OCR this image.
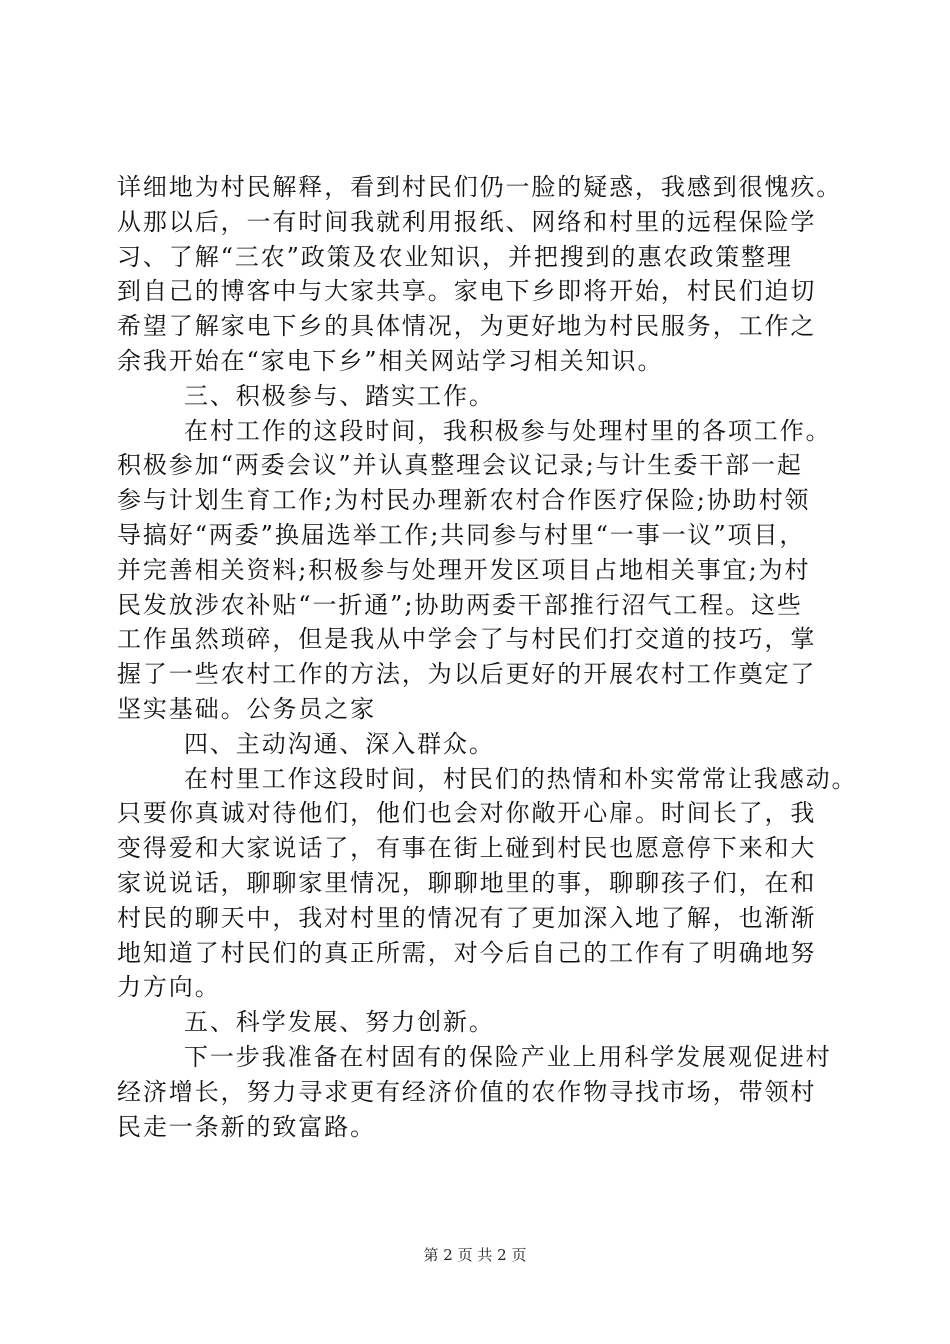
详细地为村民解释，看到村民们仍一脸的疑惑，我感到很愧疚。
从那以后，一有时间我就利用报纸、网络和村里的远程保险学
习、了解“三农”政策及农业知识，并把搜到的惠农政策整理
到自己的博客中与大家共享。家电下乡即将开始，村民们迫切
希望了解家电下乡的具体情况，为更好地为村民服务，工作之
余我开始在“家电下乡”相关网站学习相关知识。
三、积极参与、踏实工作。
在村工作的这段时间，我积极参与处理村里的各项工作。
积极参加“两委会议”并认真整理会议记录;与计生委干部一起
参与计划生育工作;为村民办理新农村合作医疗保险;协助村领
导搞好“两委”换届选举工作;共同参与村里“一事一议”项目，
并完善相关资料;积极参与处理开发区项目占地相关事宜;为村
民发放涉农补贴“一折通”;协助两委干部推行沼气工程。这些
工作虽然琐碎，但是我从中学会了与村民们打交道的技巧，掌
握了一些农村工作的方法，为以后更好的开展农村工作奠定了
坚实基础。公务员之家
四、主动沟通、深入群众。
在村里工作这段时间，村民们的热情和朴实常常让我感动。
只要你真诚对待他们，他们也会对你敞开心扉。时间长了，我
变得爱和大家说话了，有事在街上碰到村民也愿意停下来和大
家说说话，聊聊家里情况，聊聊地里的事，聊聊孩子们，在和
村民的聊天中，我对村里的情况有了更加深入地了解，也渐渐
地知道了村民们的真正所需，对今后自己的工作有了明确地努
力方向。
五、科学发展、努力创新。
下一步我准备在村固有的保险产业上用科学发展观促进村
经济增长，努力寻求更有经济价值的农作物寻找市场，带领村
民走一条新的致富路。
第 2 页 共 2 页
